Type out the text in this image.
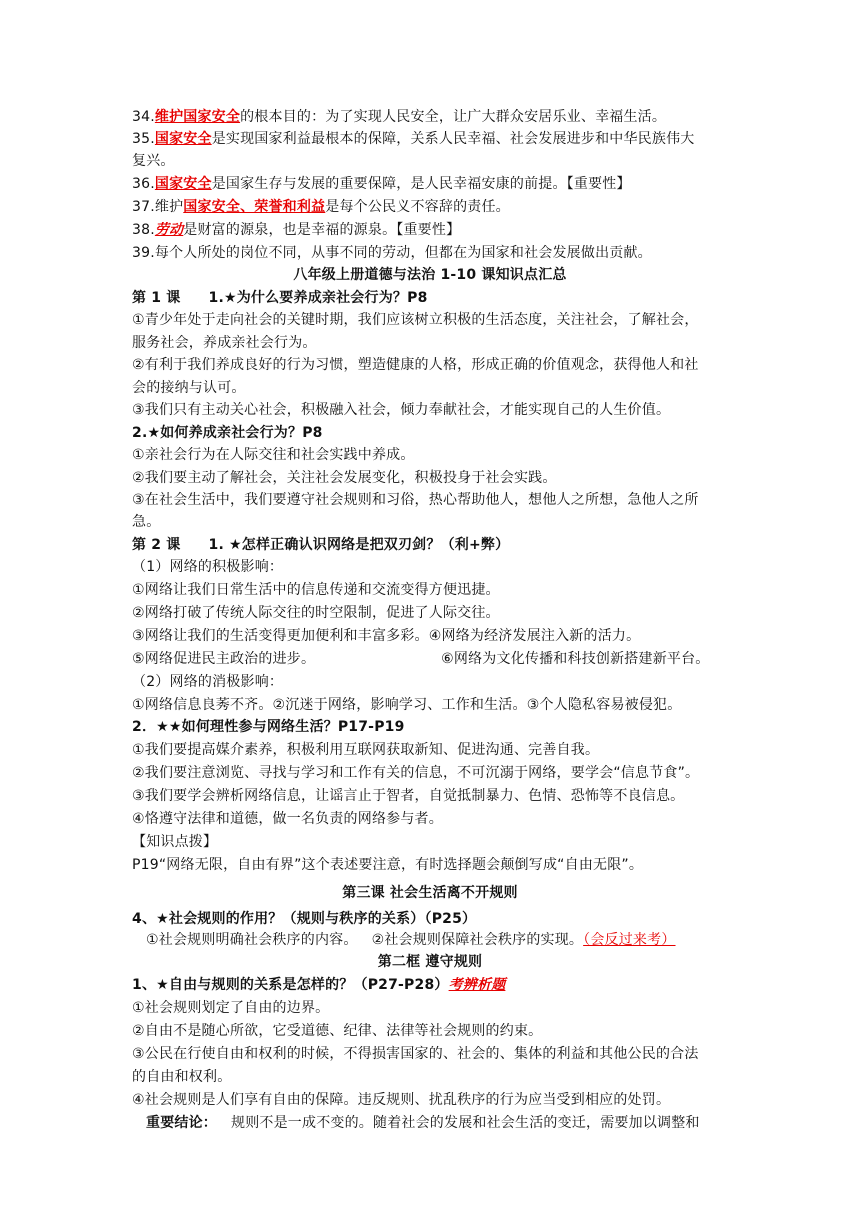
34.维护国家安全的根本目的：为了实现人民安全，让广大群众安居乐业、幸福生活。
35.国家安全是实现国家利益最根本的保障，关系人民幸福、社会发展进步和中华民族伟大
复兴。
36.国家安全是国家生存与发展的重要保障，是人民幸福安康的前提。【重要性】
37.维护国家安全、荣誉和利益是每个公民义不容辞的责任。
38.劳动是财富的源泉，也是幸福的源泉。【重要性】
39.每个人所处的岗位不同，从事不同的劳动，但都在为国家和社会发展做出贡献。
八年级上册道德与法治 1-10 课知识点汇总
第 1 课 1.★为什么要养成亲社会行为？P8
①青少年处于走向社会的关键时期，我们应该树立积极的生活态度，关注社会，了解社会，
服务社会，养成亲社会行为。
②有利于我们养成良好的行为习惯，塑造健康的人格，形成正确的价值观念，获得他人和社
会的接纳与认可。
③我们只有主动关心社会，积极融入社会，倾力奉献社会，才能实现自己的人生价值。
2.★如何养成亲社会行为？P8
①亲社会行为在人际交往和社会实践中养成。
②我们要主动了解社会，关注社会发展变化，积极投身于社会实践。
③在社会生活中，我们要遵守社会规则和习俗，热心帮助他人，想他人之所想，急他人之所
急。
第 2 课 1. ★怎样正确认识网络是把双刃剑？（利+弊）
（1）网络的积极影响：
①网络让我们日常生活中的信息传递和交流变得方便迅捷。
②网络打破了传统人际交往的时空限制，促进了人际交往。
③网络让我们的生活变得更加便利和丰富多彩。④网络为经济发展注入新的活力。
⑤网络促进民主政治的进步。	⑥网络为文化传播和科技创新搭建新平台。
（2）网络的消极影响：
①网络信息良莠不齐。②沉迷于网络，影响学习、工作和生活。③个人隐私容易被侵犯。
2．★★如何理性参与网络生活？P17-P19
①我们要提高媒介素养，积极利用互联网获取新知、促进沟通、完善自我。
②我们要注意浏览、寻找与学习和工作有关的信息，不可沉溺于网络，要学会“信息节食”。
③我们要学会辨析网络信息，让谣言止于智者，自觉抵制暴力、色情、恐怖等不良信息。
④恪遵守法律和道德，做一名负责的网络参与者。
【知识点拨】
P19“网络无限，自由有界”这个表述要注意，有时选择题会颠倒写成“自由无限”。
第三课 社会生活离不开规则
4、★社会规则的作用？（规则与秩序的关系）（P25）
①社会规则明确社会秩序的内容。 ②社会规则保障社会秩序的实现。（会反过来考）
第二框 遵守规则
1、★自由与规则的关系是怎样的？（P27-P28）考辨析题
①社会规则划定了自由的边界。
②自由不是随心所欲，它受道德、纪律、法律等社会规则的约束。
③公民在行使自由和权利的时候，不得损害国家的、社会的、集体的利益和其他公民的合法
的自由和权利。
④社会规则是人们享有自由的保障。违反规则、扰乱秩序的行为应当受到相应的处罚。
重要结论： 规则不是一成不变的。随着社会的发展和社会生活的变迁，需要加以调整和
